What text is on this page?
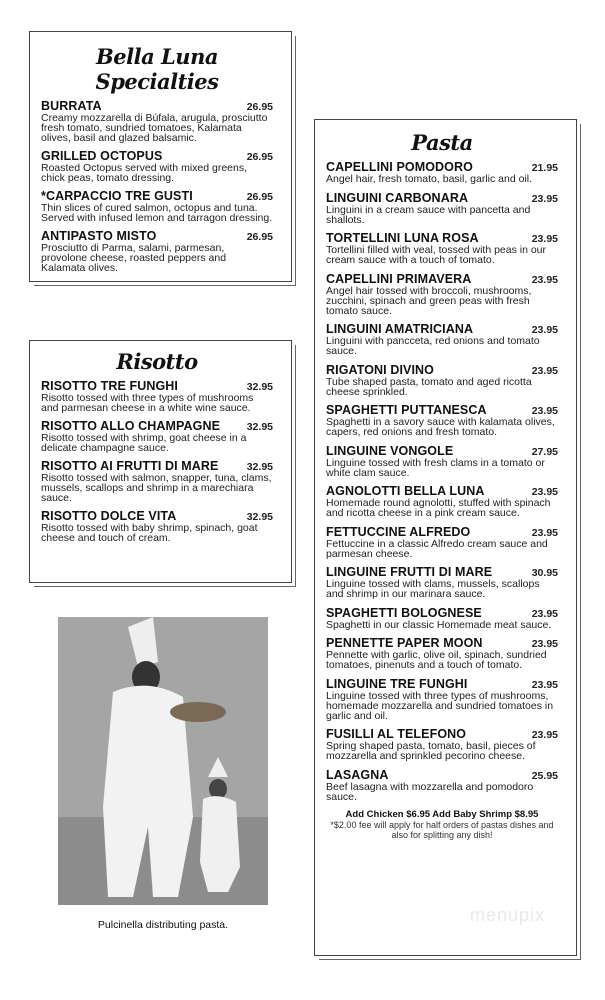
Bella Luna Specialties
BURRATA	26.95
Creamy mozzarella di Búfala, arugula, prosciutto fresh tomato, sundried tomatoes, Kalamata olives, basil and glazed balsamic.
GRILLED OCTOPUS	26.95
Roasted Octopus served with mixed greens, chick peas, tomato dressing.
*CARPACCIO TRE GUSTI	26.95
Thin slices of cured salmon, octopus and tuna. Served with infused lemon and tarragon dressing.
ANTIPASTO MISTO	26.95
Prosciutto di Parma, salami, parmesan, provolone cheese, roasted peppers and Kalamata olives.
Risotto
RISOTTO TRE FUNGHI	32.95
Risotto tossed with three types of mushrooms and parmesan cheese in a white wine sauce.
RISOTTO ALLO CHAMPAGNE	32.95
Risotto tossed with shrimp, goat cheese in a delicate champagne sauce.
RISOTTO AI FRUTTI DI MARE	32.95
Risotto tossed with salmon, snapper, tuna, clams, mussels, scallops and shrimp in a marechiara sauce.
RISOTTO DOLCE VITA	32.95
Risotto tossed with baby shrimp, spinach, goat cheese and touch of cream.
Pasta
CAPELLINI POMODORO	21.95
Angel hair, fresh tomato, basil, garlic and oil.
LINGUINI CARBONARA	23.95
Linguini in a cream sauce with pancetta and shallots.
TORTELLINI LUNA ROSA	23.95
Tortellini filled with veal, tossed with peas in our cream sauce with a touch of tomato.
CAPELLINI PRIMAVERA	23.95
Angel hair tossed with broccoli, mushrooms, zucchini, spinach and green peas with fresh tomato sauce.
LINGUINI AMATRICIANA	23.95
Linguini with pancceta, red onions and tomato sauce.
RIGATONI DIVINO	23.95
Tube shaped pasta, tomato and aged ricotta cheese sprinkled.
SPAGHETTI PUTTANESCA	23.95
Spaghetti in a savory sauce with kalamata olives, capers, red onions and fresh tomato.
LINGUINE VONGOLE	27.95
Linguine tossed with fresh clams in a tomato or white clam sauce.
AGNOLOTTI BELLA LUNA	23.95
Homemade round agnolotti, stuffed with spinach and ricotta cheese in a pink cream sauce.
FETTUCCINE ALFREDO	23.95
Fettuccine in a classic Alfredo cream sauce and parmesan cheese.
LINGUINE FRUTTI DI MARE	30.95
Linguine tossed with clams, mussels, scallops and shrimp in our marinara sauce.
SPAGHETTI BOLOGNESE	23.95
Spaghetti in our classic Homemade meat sauce.
PENNETTE PAPER MOON	23.95
Pennette with garlic, olive oil, spinach, sundried tomatoes, pinenuts and a touch of tomato.
LINGUINE TRE FUNGHI	23.95
Linguine tossed with three types of mushrooms, homemade mozzarella and sundried tomatoes in garlic and oil.
FUSILLI AL TELEFONO	23.95
Spring shaped pasta, tomato, basil, pieces of mozzarella and sprinkled pecorino cheese.
LASAGNA	25.95
Beef lasagna with mozzarella and pomodoro sauce.
Add Chicken $6.95 Add Baby Shrimp $8.95
*$2.00 fee will apply for half orders of pastas dishes and also for splitting any dish!
Pulcinella distributing pasta.	menupix
